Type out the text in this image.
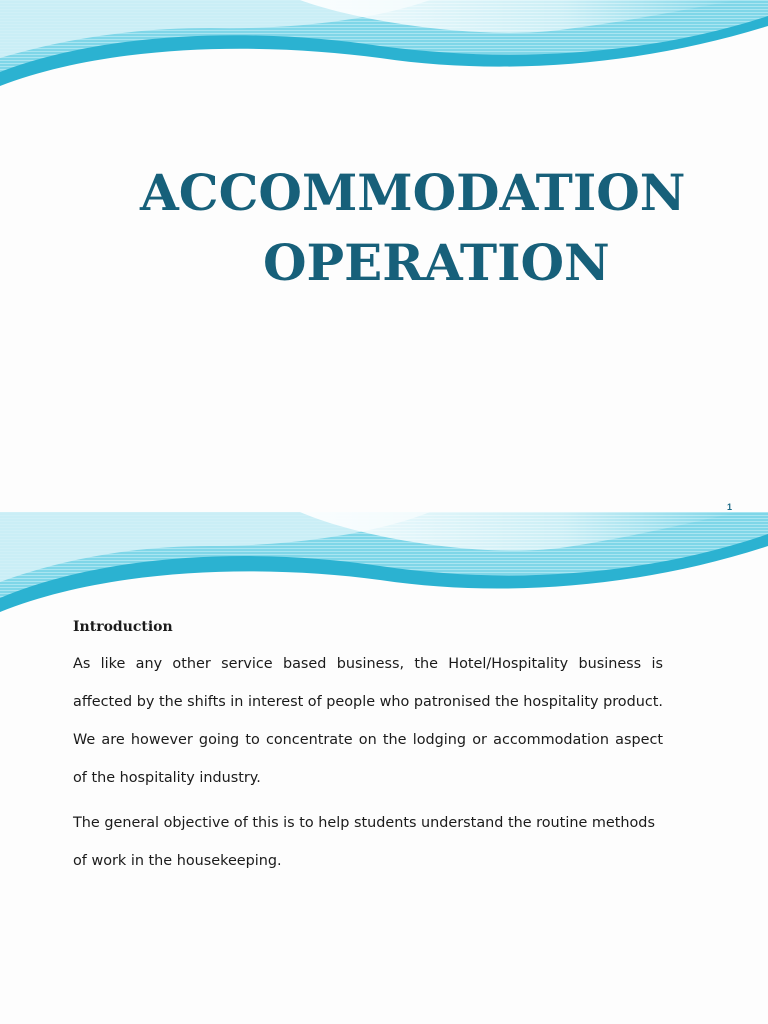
ACCOMMODATION
OPERATION
1
Introduction

As like any other service based business, the Hotel/Hospitality business is affected by the shifts in interest of people who patronised the hospitality product. We are however going to concentrate on the lodging or accommodation aspect of the hospitality industry.

The general objective of this is to help students understand the routine methods of work in the housekeeping.
